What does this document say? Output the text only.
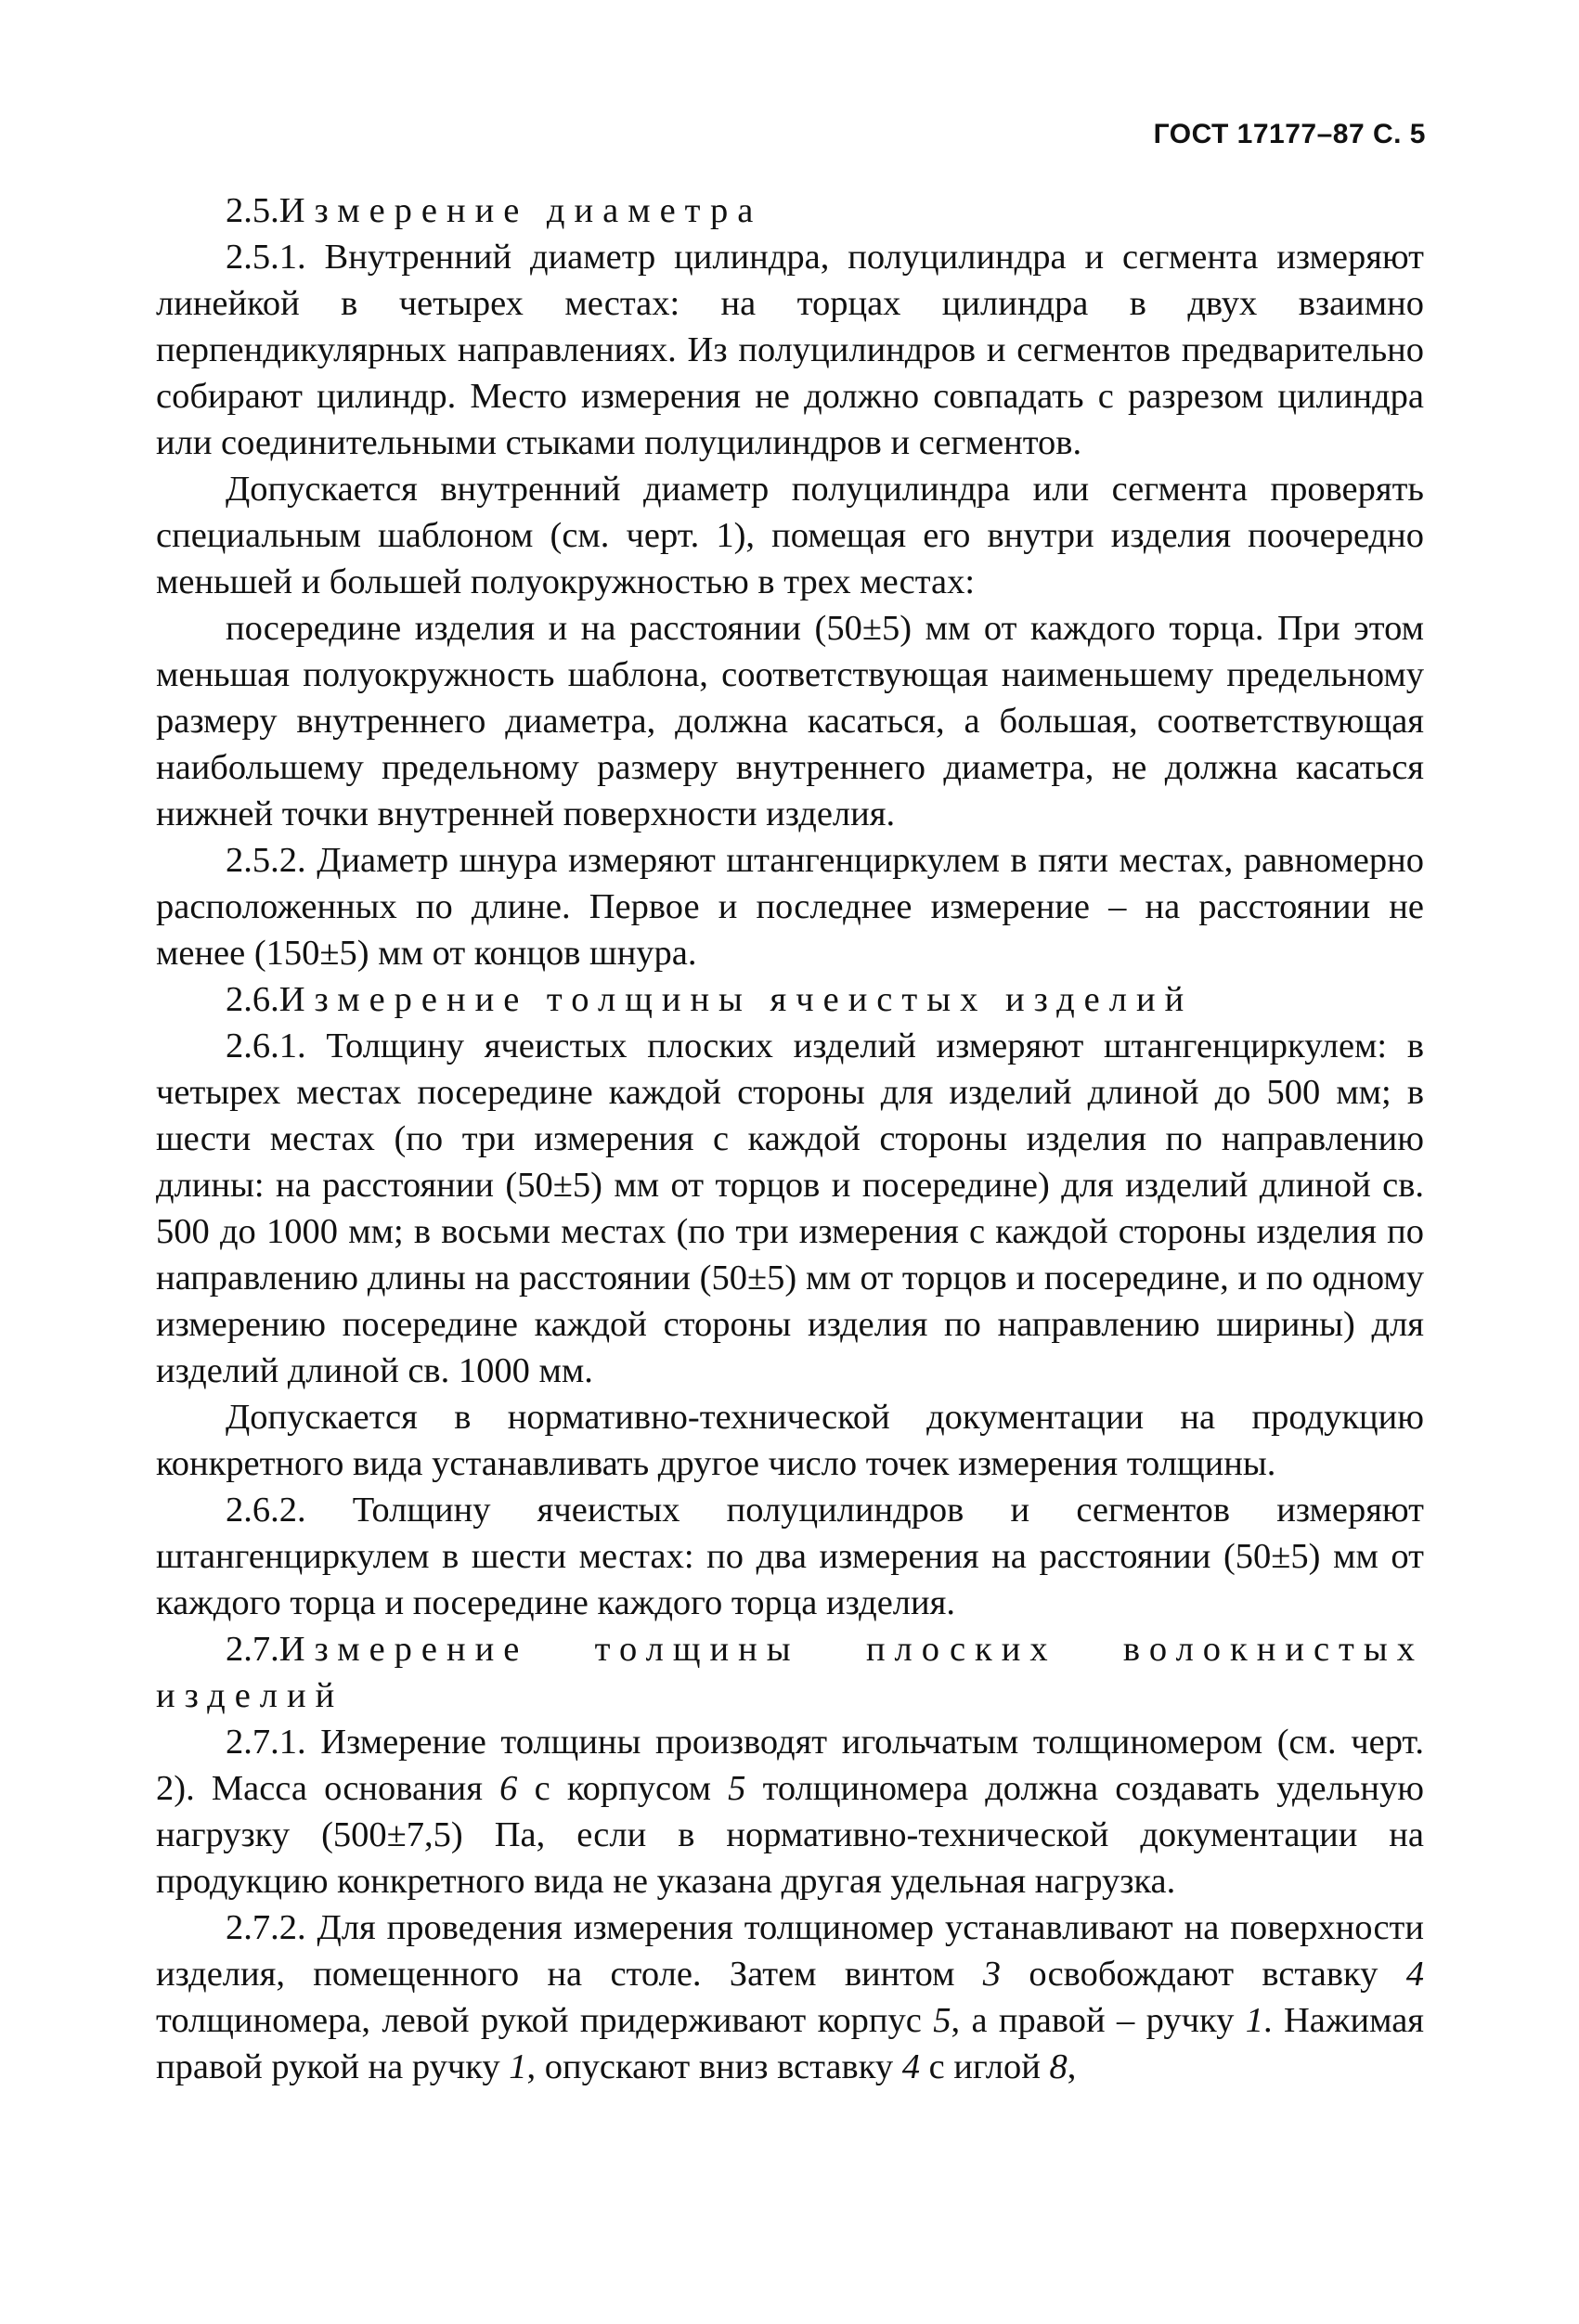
ГОСТ 17177–87 С. 5

2.5.Измерение диаметра

2.5.1. Внутренний диаметр цилиндра, полуцилиндра и сегмента измеряют линейкой в четырех местах: на торцах цилиндра в двух взаимно перпендикулярных направлениях. Из полуцилиндров и сегментов предварительно собирают цилиндр. Место измерения не должно совпадать с разрезом цилиндра или соединительными стыками полуцилиндров и сегментов.

Допускается внутренний диаметр полуцилиндра или сегмента проверять специальным шаблоном (см. черт. 1), помещая его внутри изделия поочередно меньшей и большей полуокружностью в трех местах:

посередине изделия и на расстоянии (50±5) мм от каждого торца. При этом меньшая полуокружность шаблона, соответствующая наименьшему предельному размеру внутреннего диаметра, должна касаться, а большая, соответствующая наибольшему предельному размеру внутреннего диаметра, не должна касаться нижней точки внутренней поверхности изделия.

2.5.2. Диаметр шнура измеряют штангенциркулем в пяти местах, равномерно расположенных по длине. Первое и последнее измерение – на расстоянии не менее (150±5) мм от концов шнура.

2.6.Измерение толщины ячеистых изделий

2.6.1. Толщину ячеистых плоских изделий измеряют штангенциркулем: в четырех местах посередине каждой стороны для изделий длиной до 500 мм; в шести местах (по три измерения с каждой стороны изделия по направлению длины: на расстоянии (50±5) мм от торцов и посередине) для изделий длиной св. 500 до 1000 мм; в восьми местах (по три измерения с каждой стороны изделия по направлению длины на расстоянии (50±5) мм от торцов и посередине, и по одному измерению посередине каждой стороны изделия по направлению ширины) для изделий длиной св. 1000 мм.

Допускается в нормативно-технической документации на продукцию конкретного вида устанавливать другое число точек измерения толщины.

2.6.2. Толщину ячеистых полуцилиндров и сегментов измеряют штангенциркулем в шести местах: по два измерения на расстоянии (50±5) мм от каждого торца и посередине каждого торца изделия.

2.7.Измерение толщины плоских волокнистых изделий

2.7.1. Измерение толщины производят игольчатым толщиномером (см. черт. 2). Масса основания 6 с корпусом 5 толщиномера должна создавать удельную нагрузку (500±7,5) Па, если в нормативно-технической документации на продукцию конкретного вида не указана другая удельная нагрузка.

2.7.2. Для проведения измерения толщиномер устанавливают на поверхности изделия, помещенного на столе. Затем винтом 3 освобождают вставку 4 толщиномера, левой рукой придерживают корпус 5, а правой – ручку 1. Нажимая правой рукой на ручку 1, опускают вниз вставку 4 с иглой 8,
